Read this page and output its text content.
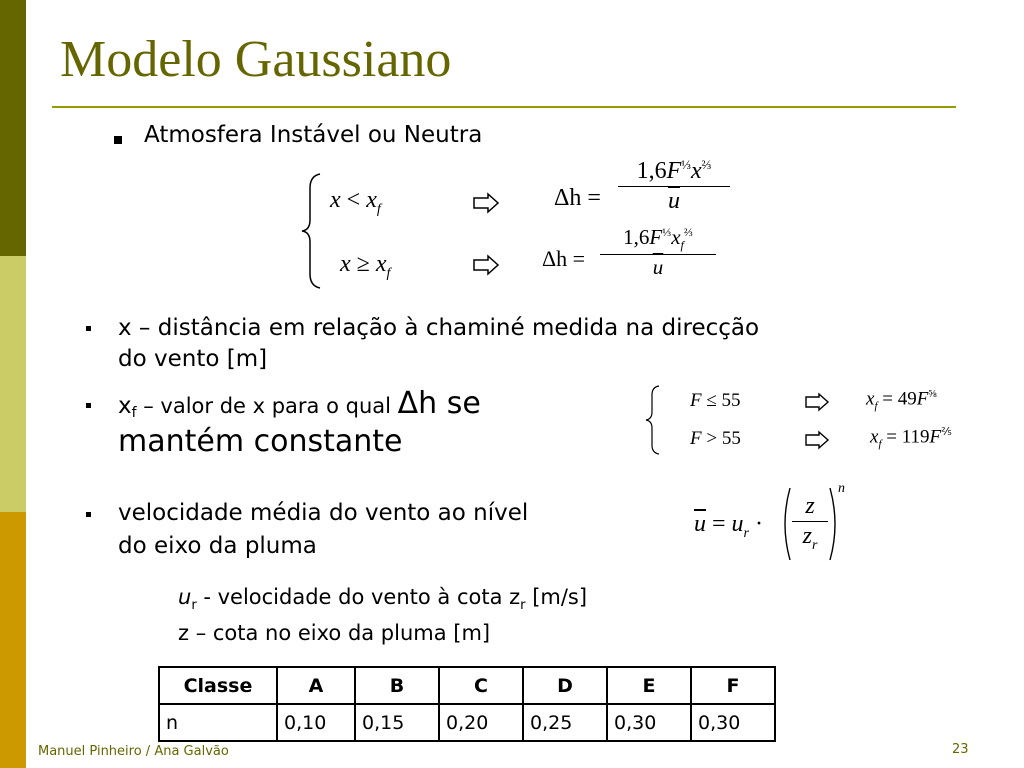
Modelo Gaussiano
Atmosfera Instável ou Neutra
$x < x_f$	$\Delta h = \frac{1,6F^{\frac{1}{3}}x^{\frac{2}{3}}}{u}$
$x \ge x_f$
$\Delta h = \frac{1,6F^{\frac{1}{3}}x_f^{\frac{2}{3}}}{u}$
x – distância em relação à chaminé medida na direcção
do vento [m]
$x_f$ – valor de x para o qual Δh se
mantém constante
F ≤ 55	$x_f = 49F^{\frac{5}{8}}$
F > 55	$x_f = 119F^{\frac{2}{5}}$
velocidade média do vento ao nível
do eixo da pluma
$\overline{u} = u_r$ ·
z
$z_r$
n
$u_r$ - velocidade do vento à cota $z_r$ [m/s]
z – cota no eixo da pluma [m]
Classe	A	B	C	D	E	F
n	0,10	0,15	0,20	0,25	0,30	0,30
Manuel Pinheiro / Ana Galvão	23
